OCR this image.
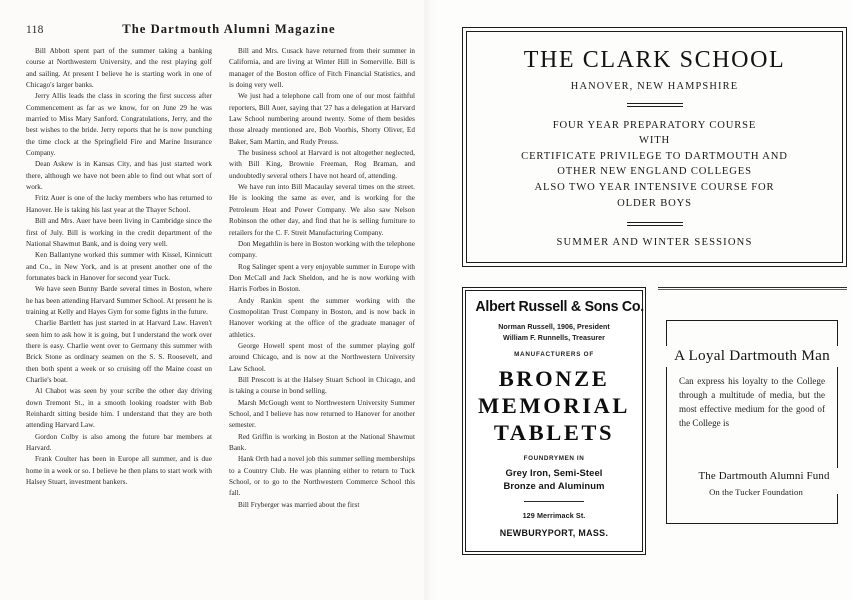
118	The Dartmouth Alumni Magazine

Bill Abbott spent part of the summer taking a banking course at Northwestern University, and the rest playing golf and sailing. At present I believe he is starting work in one of Chicago's larger banks.

Jerry Allis leads the class in scoring the first success after Commencement as far as we know, for on June 29 he was married to Miss Mary Sanford. Congratulations, Jerry, and the best wishes to the bride. Jerry reports that he is now punching the time clock at the Springfield Fire and Marine Insurance Company.

Dean Askew is in Kansas City, and has just started work there, although we have not been able to find out what sort of work.

Fritz Auer is one of the lucky members who has returned to Hanover. He is taking his last year at the Thayer School.

Bill and Mrs. Auer have been living in Cambridge since the first of July. Bill is working in the credit department of the National Shawmut Bank, and is doing very well.

Ken Ballantyne worked this summer with Kissel, Kinnicutt and Co., in New York, and is at present another one of the fortunates back in Hanover for second year Tuck.

We have seen Bunny Barde several times in Boston, where he has been attending Harvard Summer School. At present he is training at Kelly and Hayes Gym for some fights in the future.

Charlie Bartlett has just started in at Harvard Law. Haven't seen him to ask how it is going, but I understand the work over there is easy. Charlie went over to Germany this summer with Brick Stone as ordinary seamen on the S. S. Roosevelt, and then both spent a week or so cruising off the Maine coast on Charlie's boat.

Al Chabot was seen by your scribe the other day driving down Tremont St., in a smooth looking roadster with Bob Reinhardt sitting beside him. I understand that they are both attending Harvard Law.

Gordon Colby is also among the future bar members at Harvard.

Frank Coulter has been in Europe all summer, and is due home in a week or so. I believe he then plans to start work with Halsey Stuart, investment bankers.

Bill and Mrs. Cusack have returned from their summer in California, and are living at Winter Hill in Somerville. Bill is manager of the Boston office of Fitch Financial Statistics, and is doing very well.

We just had a telephone call from one of our most faithful reporters, Bill Auer, saying that '27 has a delegation at Harvard Law School numbering around twenty. Some of them besides those already mentioned are, Bob Voorhis, Shorty Oliver, Ed Baker, Sam Martin, and Rudy Preuss.

The business school at Harvard is not altogether neglected, with Bill King, Brownie Freeman, Rog Braman, and undoubtedly several others I have not heard of, attending.

We have run into Bill Macaulay several times on the street. He is looking the same as ever, and is working for the Petroleum Heat and Power Company. We also saw Nelson Robinson the other day, and find that he is selling furniture to retailers for the C. F. Streit Manufacturing Company.

Don Megathlin is here in Boston working with the telephone company.

Rog Salinger spent a very enjoyable summer in Europe with Don McCall and Jack Sheldon, and he is now working with Harris Forbes in Boston.

Andy Rankin spent the summer working with the Cosmopolitan Trust Company in Boston, and is now back in Hanover working at the office of the graduate manager of athletics.

George Howell spent most of the summer playing golf around Chicago, and is now at the Northwestern University Law School.

Bill Prescott is at the Halsey Stuart School in Chicago, and is taking a course in bond selling.

Marsh McGough went to Northwestern University Summer School, and I believe has now returned to Hanover for another semester.

Red Griffin is working in Boston at the National Shawmut Bank.

Hank Orth had a novel job this summer selling memberships to a Country Club. He was planning either to return to Tuck School, or to go to the Northwestern Commerce School this fall.

Bill Fryberger was married about the first

THE CLARK SCHOOL
HANOVER, NEW HAMPSHIRE
FOUR YEAR PREPARATORY COURSE
WITH
CERTIFICATE PRIVILEGE TO DARTMOUTH AND
OTHER NEW ENGLAND COLLEGES
ALSO TWO YEAR INTENSIVE COURSE FOR
OLDER BOYS
SUMMER AND WINTER SESSIONS
Albert Russell & Sons Co.
Norman Russell, 1906, President
William F. Runnells, Treasurer
MANUFACTURERS OF
BRONZE
MEMORIAL
TABLETS
FOUNDRYMEN IN
Grey Iron, Semi-Steel
Bronze and Aluminum
129 Merrimack St.
NEWBURYPORT, MASS.
A Loyal Dartmouth Man
Can express his loyalty to the College through a multitude of media, but the most effective medium for the good of the College is
The Dartmouth Alumni Fund
On the Tucker Foundation
